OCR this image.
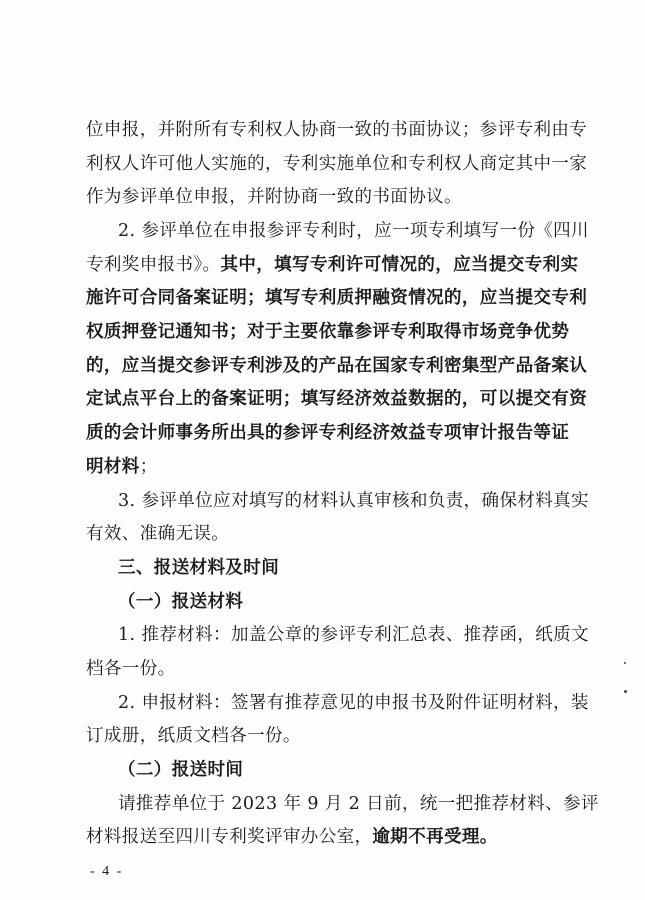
位申报，并附所有专利权人协商一致的书面协议；参评专利由专
利权人许可他人实施的，专利实施单位和专利权人商定其中一家
作为参评单位申报，并附协商一致的书面协议。
2. 参评单位在申报参评专利时，应一项专利填写一份《四川
专利奖申报书》。其中，填写专利许可情况的，应当提交专利实
施许可合同备案证明；填写专利质押融资情况的，应当提交专利
权质押登记通知书；对于主要依靠参评专利取得市场竞争优势
的，应当提交参评专利涉及的产品在国家专利密集型产品备案认
定试点平台上的备案证明；填写经济效益数据的，可以提交有资
质的会计师事务所出具的参评专利经济效益专项审计报告等证
明材料；
3. 参评单位应对填写的材料认真审核和负责，确保材料真实
有效、准确无误。
三、报送材料及时间
（一）报送材料
1. 推荐材料：加盖公章的参评专利汇总表、推荐函，纸质文
档各一份。
2. 申报材料：签署有推荐意见的申报书及附件证明材料，装
订成册，纸质文档各一份。
（二）报送时间
请推荐单位于 2023 年 9 月 2 日前，统一把推荐材料、参评
材料报送至四川专利奖评审办公室，逾期不再受理。
- 4 -
